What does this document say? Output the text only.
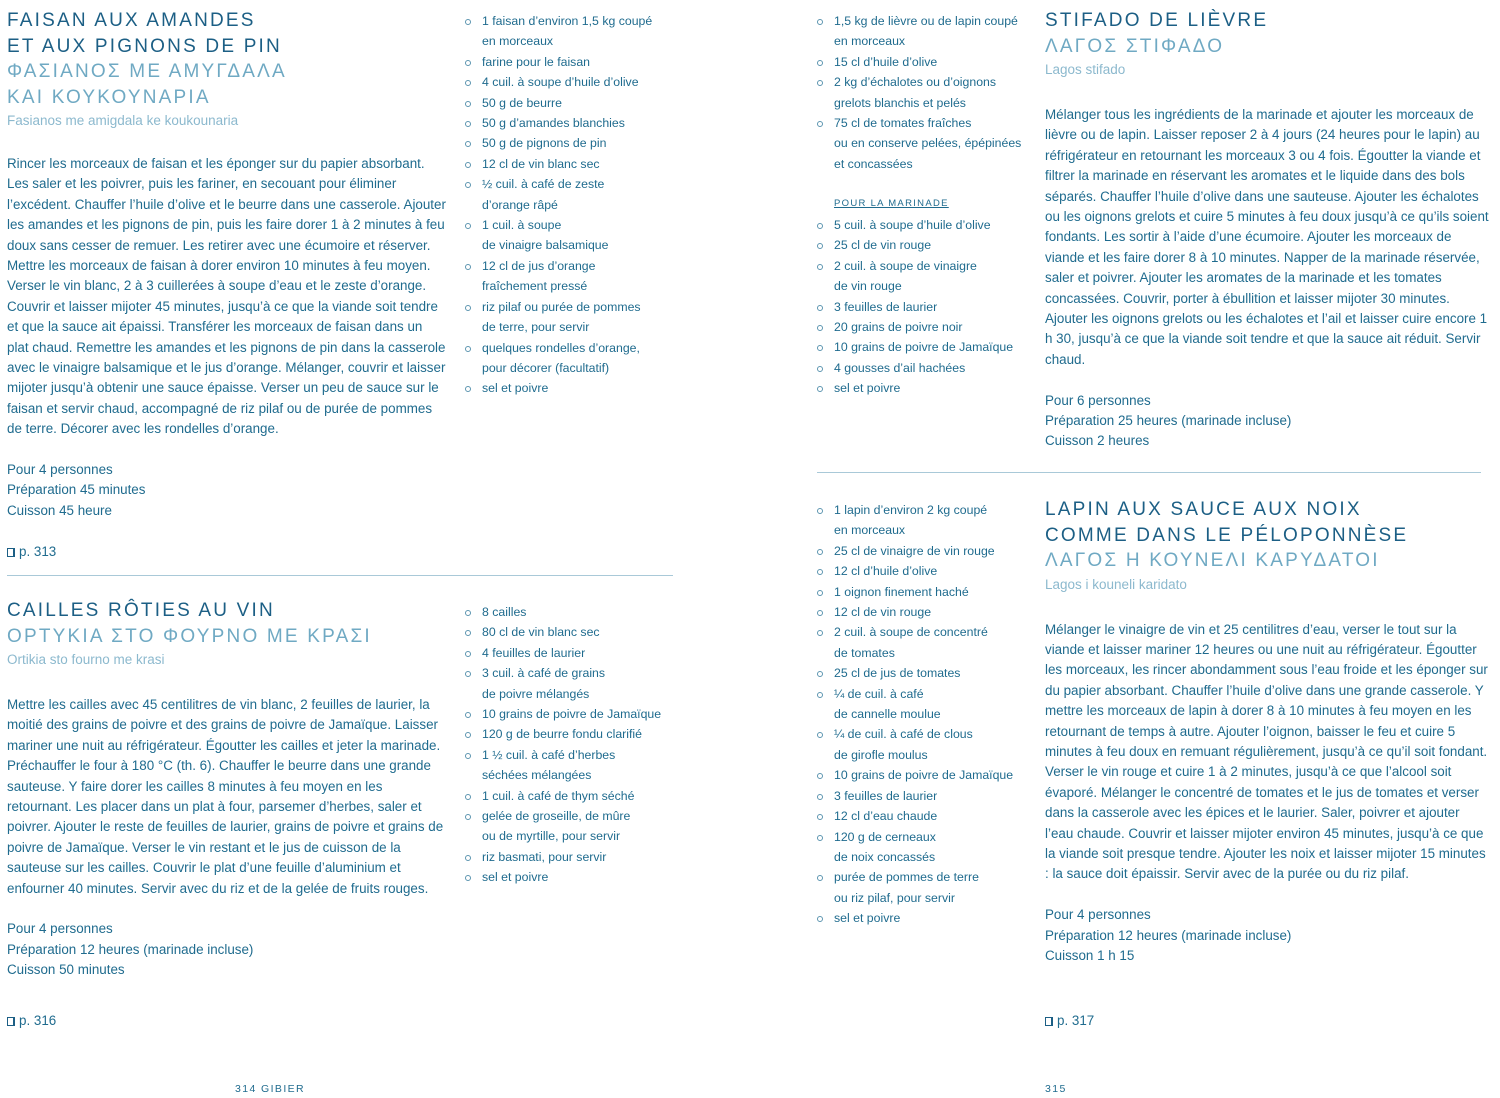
FAISAN AUX AMANDES
ET AUX PIGNONS DE PIN
ΦΑΣΙΑΝΟΣ ΜΕ ΑΜΥΓΔΑΛΑ
ΚΑΙ ΚΟΥΚΟΥΝΑΡΙΑ
Fasianos me amigdala ke koukounaria

Rincer les morceaux de faisan et les éponger sur du papier absorbant. Les saler et les poivrer, puis les fariner, en secouant pour éliminer l’excédent. Chauffer l’huile d’olive et le beurre dans une casserole. Ajouter les amandes et les pignons de pin, puis les faire dorer 1 à 2 minutes à feu doux sans cesser de remuer. Les retirer avec une écumoire et réserver. Mettre les morceaux de faisan à dorer environ 10 minutes à feu moyen. Verser le vin blanc, 2 à 3 cuillerées à soupe d’eau et le zeste d’orange. Couvrir et laisser mijoter 45 minutes, jusqu’à ce que la viande soit tendre et que la sauce ait épaissi. Transférer les morceaux de faisan dans un plat chaud. Remettre les amandes et les pignons de pin dans la casserole avec le vinaigre balsamique et le jus d’orange. Mélanger, couvrir et laisser mijoter jusqu’à obtenir une sauce épaisse. Verser un peu de sauce sur le faisan et servir chaud, accompagné de riz pilaf ou de purée de pommes de terre. Décorer avec les rondelles d’orange.

Pour 4 personnes

Préparation 45 minutes

Cuisson 45 heure

p. 313
1 faisan d’environ 1,5 kg coupé
en morceaux
farine pour le faisan
4 cuil. à soupe d’huile d’olive
50 g de beurre
50 g d’amandes blanchies
50 g de pignons de pin
12 cl de vin blanc sec
½ cuil. à café de zeste
d’orange râpé
1 cuil. à soupe
de vinaigre balsamique
12 cl de jus d’orange
fraîchement pressé
riz pilaf ou purée de pommes
de terre, pour servir
quelques rondelles d’orange,
pour décorer (facultatif)
sel et poivre
CAILLES RÔTIES AU VIN
ΟΡΤΥΚΙΑ ΣΤΟ ΦΟΥΡΝΟ ΜΕ ΚΡΑΣΙ
Ortikia sto fourno me krasi

Mettre les cailles avec 45 centilitres de vin blanc, 2 feuilles de laurier, la moitié des grains de poivre et des grains de poivre de Jamaïque. Laisser mariner une nuit au réfrigérateur. Égoutter les cailles et jeter la marinade. Préchauffer le four à 180 °C (th. 6). Chauffer le beurre dans une grande sauteuse. Y faire dorer les cailles 8 minutes à feu moyen en les retournant. Les placer dans un plat à four, parsemer d’herbes, saler et poivrer. Ajouter le reste de feuilles de laurier, grains de poivre et grains de poivre de Jamaïque. Verser le vin restant et le jus de cuisson de la sauteuse sur les cailles. Couvrir le plat d’une feuille d’aluminium et enfourner 40 minutes. Servir avec du riz et de la gelée de fruits rouges.

Pour 4 personnes

Préparation 12 heures (marinade incluse)

Cuisson 50 minutes

p. 316
8 cailles
80 cl de vin blanc sec
4 feuilles de laurier
3 cuil. à café de grains
de poivre mélangés
10 grains de poivre de Jamaïque
120 g de beurre fondu clarifié
1 ½ cuil. à café d’herbes
séchées mélangées
1 cuil. à café de thym séché
gelée de groseille, de mûre
ou de myrtille, pour servir
riz basmati, pour servir
sel et poivre
314 GIBIER
1,5 kg de lièvre ou de lapin coupé
en morceaux
15 cl d’huile d’olive
2 kg d’échalotes ou d’oignons
grelots blanchis et pelés
75 cl de tomates fraîches
ou en conserve pelées, épépinées
et concassées
POUR LA MARINADE
5 cuil. à soupe d’huile d’olive
25 cl de vin rouge
2 cuil. à soupe de vinaigre
de vin rouge
3 feuilles de laurier
20 grains de poivre noir
10 grains de poivre de Jamaïque
4 gousses d’ail hachées
sel et poivre
STIFADO DE LIÈVRE
ΛΑΓΟΣ ΣΤΙΦΑΔΟ
Lagos stifado

Mélanger tous les ingrédients de la marinade et ajouter les morceaux de lièvre ou de lapin. Laisser reposer 2 à 4 jours (24 heures pour le lapin) au réfrigérateur en retournant les morceaux 3 ou 4 fois. Égoutter la viande et filtrer la marinade en réservant les aromates et le liquide dans des bols séparés. Chauffer l’huile d’olive dans une sauteuse. Ajouter les échalotes ou les oignons grelots et cuire 5 minutes à feu doux jusqu’à ce qu’ils soient fondants. Les sortir à l’aide d’une écumoire. Ajouter les morceaux de viande et les faire dorer 8 à 10 minutes. Napper de la marinade réservée, saler et poivrer. Ajouter les aromates de la marinade et les tomates concassées. Couvrir, porter à ébullition et laisser mijoter 30 minutes. Ajouter les oignons grelots ou les échalotes et l’ail et laisser cuire encore 1 h 30, jusqu’à ce que la viande soit tendre et que la sauce ait réduit. Servir chaud.

Pour 6 personnes

Préparation 25 heures (marinade incluse)

Cuisson 2 heures

1 lapin d’environ 2 kg coupé
en morceaux
25 cl de vinaigre de vin rouge
12 cl d’huile d’olive
1 oignon finement haché
12 cl de vin rouge
2 cuil. à soupe de concentré
de tomates
25 cl de jus de tomates
¼ de cuil. à café
de cannelle moulue
¼ de cuil. à café de clous
de girofle moulus
10 grains de poivre de Jamaïque
3 feuilles de laurier
12 cl d’eau chaude
120 g de cerneaux
de noix concassés
purée de pommes de terre
ou riz pilaf, pour servir
sel et poivre
LAPIN AUX SAUCE AUX NOIX
COMME DANS LE PÉLOPONNÈSE
ΛΑΓΟΣ Η ΚΟΥΝΕΛΙ ΚΑΡΥΔΑΤΟΙ
Lagos i kouneli karidato

Mélanger le vinaigre de vin et 25 centilitres d’eau, verser le tout sur la viande et laisser mariner 12 heures ou une nuit au réfrigérateur. Égoutter les morceaux, les rincer abondamment sous l’eau froide et les éponger sur du papier absorbant. Chauffer l’huile d’olive dans une grande casserole. Y mettre les morceaux de lapin à dorer 8 à 10 minutes à feu moyen en les retournant de temps à autre. Ajouter l’oignon, baisser le feu et cuire 5 minutes à feu doux en remuant régulièrement, jusqu’à ce qu’il soit fondant. Verser le vin rouge et cuire 1 à 2 minutes, jusqu’à ce que l’alcool soit évaporé. Mélanger le concentré de tomates et le jus de tomates et verser dans la casserole avec les épices et le laurier. Saler, poivrer et ajouter l’eau chaude. Couvrir et laisser mijoter environ 45 minutes, jusqu’à ce que la viande soit presque tendre. Ajouter les noix et laisser mijoter 15 minutes : la sauce doit épaissir. Servir avec de la purée ou du riz pilaf.

Pour 4 personnes

Préparation 12 heures (marinade incluse)

Cuisson 1 h 15

p. 317
315
